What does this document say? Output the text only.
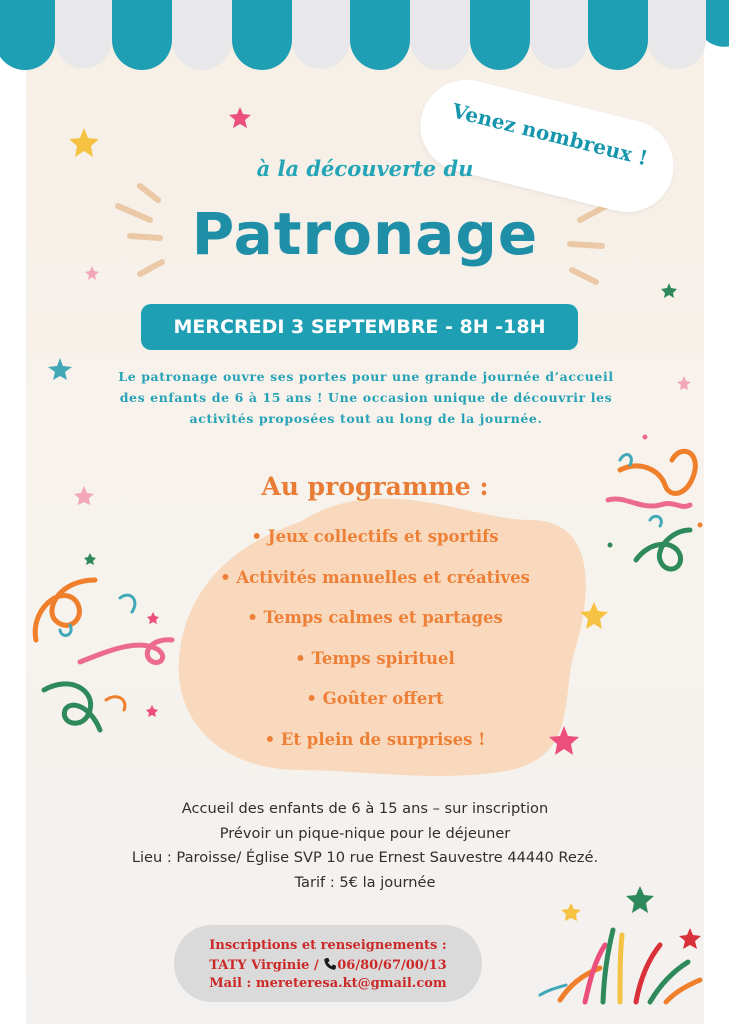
Venez nombreux !
à la découverte du
Patronage
MERCREDI 3 SEPTEMBRE - 8H -18H
Le patronage ouvre ses portes pour une grande journée d’accueil
des enfants de 6 à 15 ans ! Une occasion unique de découvrir les
activités proposées tout au long de la journée.
Au programme :
• Jeux collectifs et sportifs
• Activités manuelles et créatives
• Temps calmes et partages
• Temps spirituel
• Goûter offert
• Et plein de surprises !
Accueil des enfants de 6 à 15 ans – sur inscription
Prévoir un pique-nique pour le déjeuner
Lieu : Paroisse/ Église SVP 10 rue Ernest Sauvestre 44440 Rezé.
Tarif : 5€ la journée
Inscriptions et renseignements :
TATY Virginie / 06/80/67/00/13
Mail : mereteresa.kt@gmail.com
